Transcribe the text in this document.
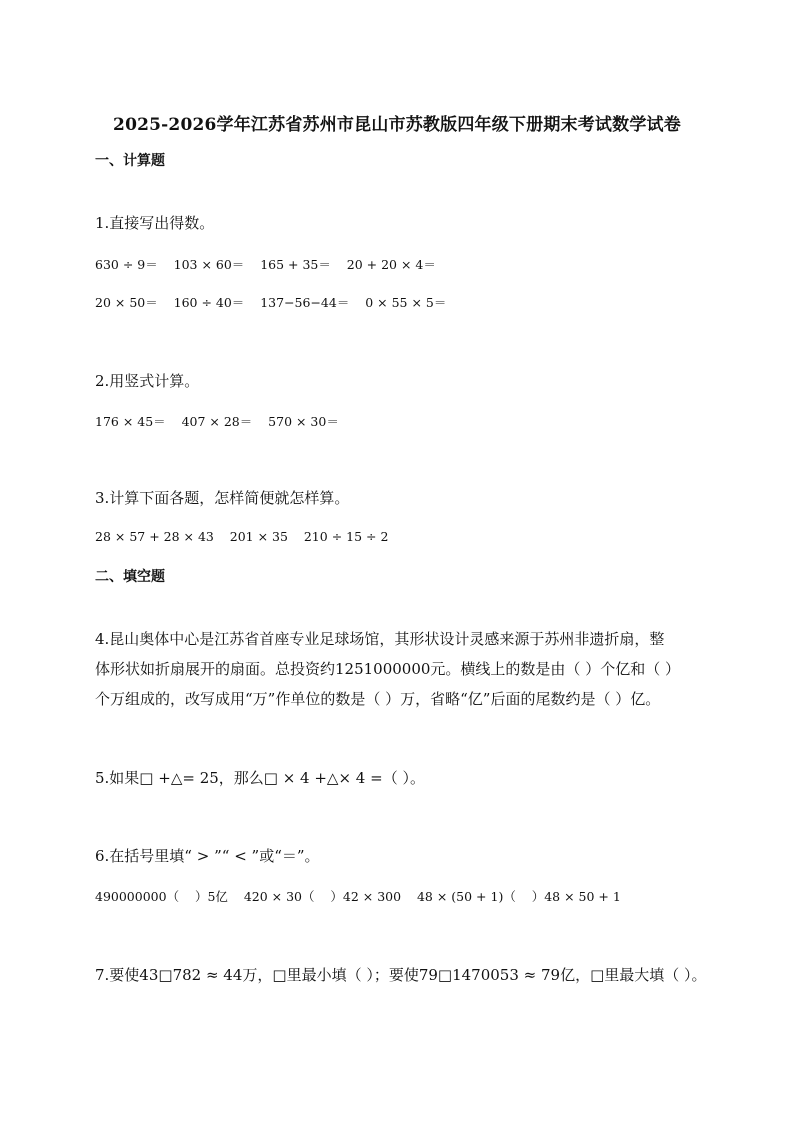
2025-2026学年江苏省苏州市昆山市苏教版四年级下册期末考试数学试卷
一、计算题
1.直接写出得数。
630 ÷ 9＝    103 × 60＝    165 + 35＝    20 + 20 × 4＝
20 × 50＝    160 ÷ 40＝    137−56−44＝    0 × 55 × 5＝
2.用竖式计算。
176 × 45＝    407 × 28＝    570 × 30＝
3.计算下面各题，怎样简便就怎样算。
28 × 57 + 28 × 43    201 × 35    210 ÷ 15 ÷ 2
二、填空题
4.昆山奥体中心是江苏省首座专业足球场馆，其形状设计灵感来源于苏州非遗折扇，整
体形状如折扇展开的扇面。总投资约1251000000元。横线上的数是由（ ）个亿和（ ）
个万组成的，改写成用“万”作单位的数是（ ）万，省略“亿”后面的尾数约是（ ）亿。
5.如果□ +△= 25，那么□ × 4 +△× 4 =（ ）。
6.在括号里填“ > ”“ < ”或“＝”。
490000000（    ）5亿    420 × 30（    ）42 × 300    48 × (50 + 1)（    ）48 × 50 + 1
7.要使43□782 ≈ 44万，□里最小填（ ）；要使79□1470053 ≈ 79亿，□里最大填（ ）。
